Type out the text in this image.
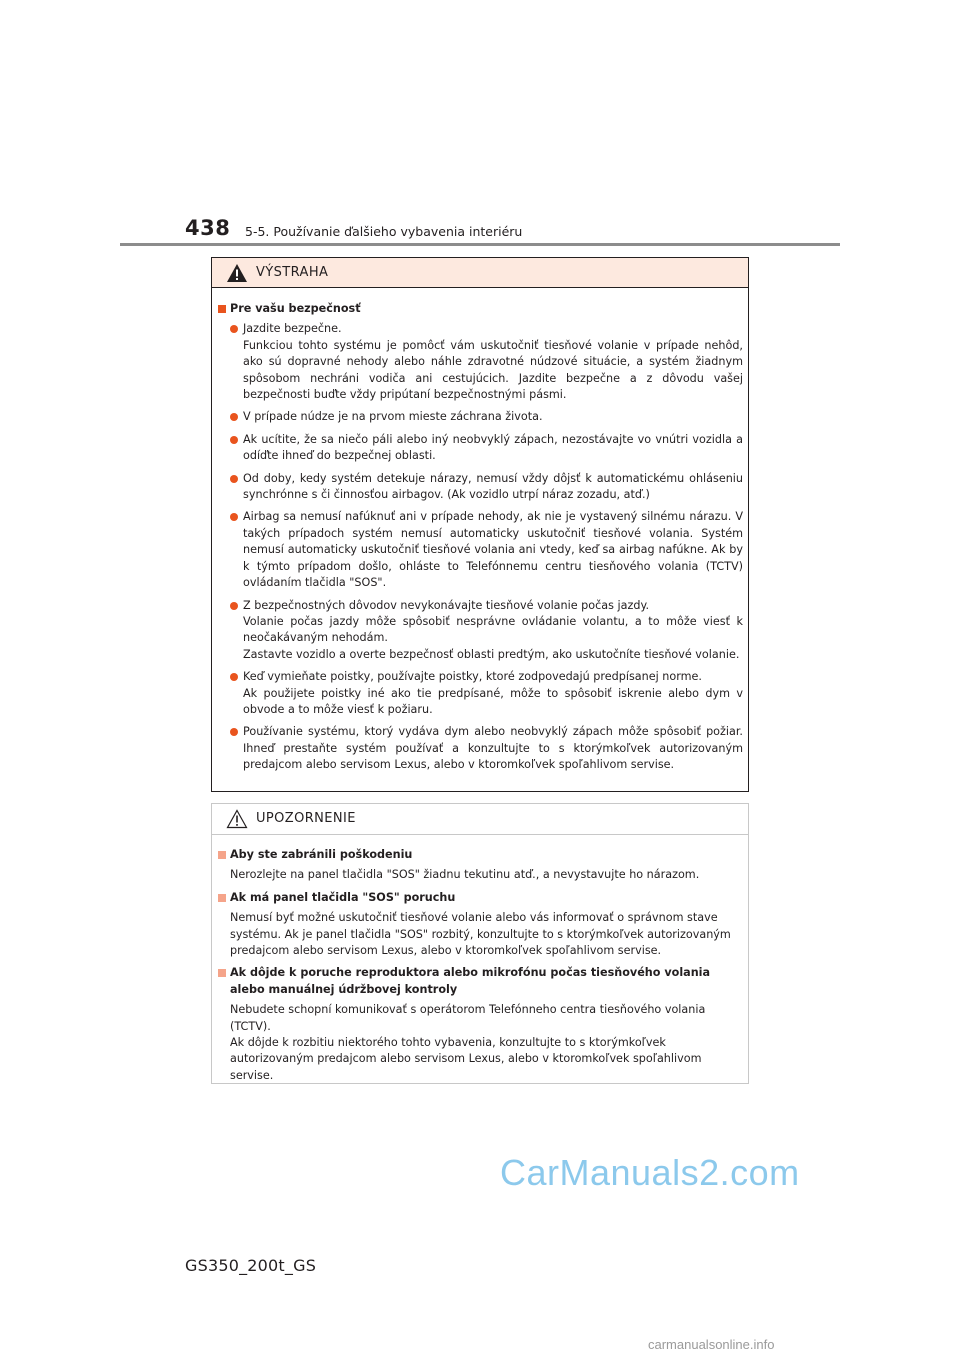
438 5-5. Používanie ďalšieho vybavenia interiéru
VÝSTRAHA
Pre vašu bezpečnosť
Jazdite bezpečne.
Funkciou tohto systému je pomôcť vám uskutočniť tiesňové volanie v prípade nehôd, ako sú dopravné nehody alebo náhle zdravotné núdzové situácie, a systém žiadnym spôsobom nechráni vodiča ani cestujúcich. Jazdite bezpečne a z dôvodu vašej bezpečnosti buďte vždy pripútaní bezpečnostnými pásmi.
V prípade núdze je na prvom mieste záchrana života.
Ak ucítite, že sa niečo páli alebo iný neobvyklý zápach, nezostávajte vo vnútri vozidla a odíďte ihneď do bezpečnej oblasti.
Od doby, kedy systém detekuje nárazy, nemusí vždy dôjsť k automatickému ohláseniu synchrónne s či činnosťou airbagov. (Ak vozidlo utrpí náraz zozadu, atď.)
Airbag sa nemusí nafúknuť ani v prípade nehody, ak nie je vystavený silnému nárazu. V takých prípadoch systém nemusí automaticky uskutočniť tiesňové volania. Systém nemusí automaticky uskutočniť tiesňové volania ani vtedy, keď sa airbag nafúkne. Ak by k týmto prípadom došlo, ohláste to Telefónnemu centru tiesňového volania (TCTV) ovládaním tlačidla "SOS".
Z bezpečnostných dôvodov nevykonávajte tiesňové volanie počas jazdy.
Volanie počas jazdy môže spôsobiť nesprávne ovládanie volantu, a to môže viesť k neočakávaným nehodám.
Zastavte vozidlo a overte bezpečnosť oblasti predtým, ako uskutočníte tiesňové volanie.
Keď vymieňate poistky, používajte poistky, ktoré zodpovedajú predpísanej norme.
Ak použijete poistky iné ako tie predpísané, môže to spôsobiť iskrenie alebo dym v obvode a to môže viesť k požiaru.
Používanie systému, ktorý vydáva dym alebo neobvyklý zápach môže spôsobiť požiar. Ihneď prestaňte systém používať a konzultujte to s ktorýmkoľvek autorizovaným predajcom alebo servisom Lexus, alebo v ktoromkoľvek spoľahlivom servise.
UPOZORNENIE
Aby ste zabránili poškodeniu
Nerozlejte na panel tlačidla "SOS" žiadnu tekutinu atď., a nevystavujte ho nárazom.
Ak má panel tlačidla "SOS" poruchu
Nemusí byť možné uskutočniť tiesňové volanie alebo vás informovať o správnom stave systému. Ak je panel tlačidla "SOS" rozbitý, konzultujte to s ktorýmkoľvek autorizovaným predajcom alebo servisom Lexus, alebo v ktoromkoľvek spoľahlivom servise.
Ak dôjde k poruche reproduktora alebo mikrofónu počas tiesňového volania alebo manuálnej údržbovej kontroly
Nebudete schopní komunikovať s operátorom Telefónneho centra tiesňového volania (TCTV).
Ak dôjde k rozbitiu niektorého tohto vybavenia, konzultujte to s ktorýmkoľvek autorizovaným predajcom alebo servisom Lexus, alebo v ktoromkoľvek spoľahlivom servise.
CarManuals2.com
GS350_200t_GS
carmanualsonline.info
